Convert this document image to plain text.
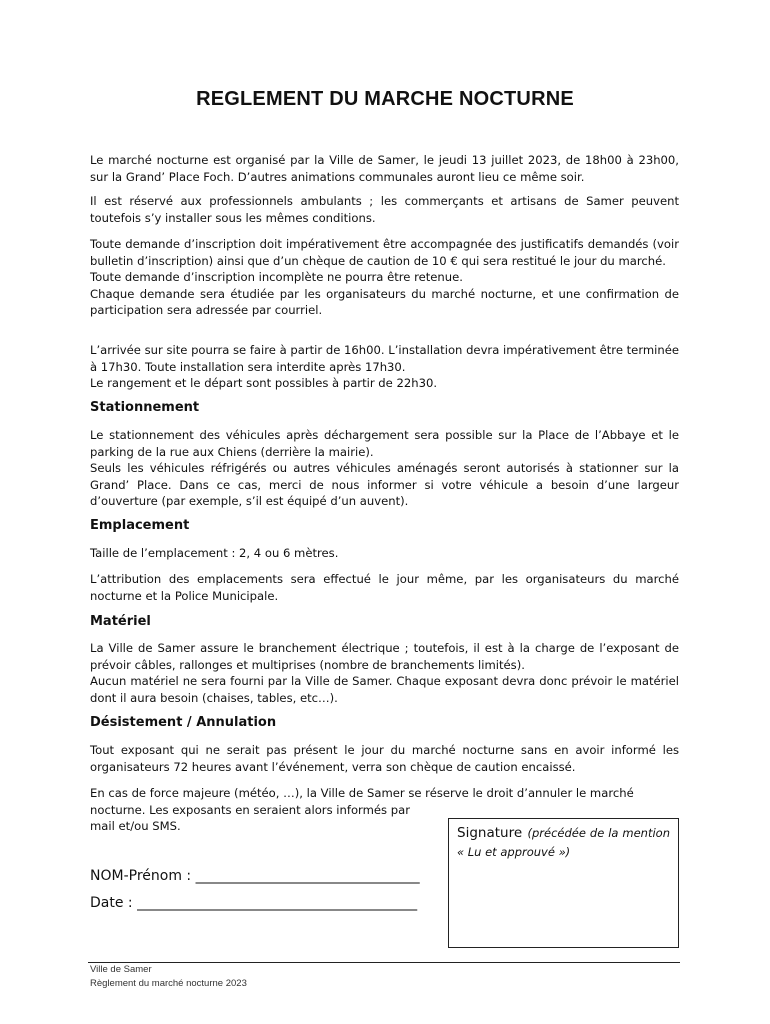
REGLEMENT DU MARCHE NOCTURNE

Le marché nocturne est organisé par la Ville de Samer, le jeudi 13 juillet 2023, de 18h00 à 23h00, sur la Grand’ Place Foch. D’autres animations communales auront lieu ce même soir.

Il est réservé aux professionnels ambulants ; les commerçants et artisans de Samer peuvent toutefois s’y installer sous les mêmes conditions.

Toute demande d’inscription doit impérativement être accompagnée des justificatifs demandés (voir bulletin d’inscription) ainsi que d’un chèque de caution de 10 € qui sera restitué le jour du marché.
Toute demande d’inscription incomplète ne pourra être retenue.
Chaque demande sera étudiée par les organisateurs du marché nocturne, et une confirmation de participation sera adressée par courriel.
L’arrivée sur site pourra se faire à partir de 16h00. L’installation devra impérativement être terminée à 17h30. Toute installation sera interdite après 17h30.
Le rangement et le départ sont possibles à partir de 22h30.
Stationnement
Le stationnement des véhicules après déchargement sera possible sur la Place de l’Abbaye et le parking de la rue aux Chiens (derrière la mairie).
Seuls les véhicules réfrigérés ou autres véhicules aménagés seront autorisés à stationner sur la Grand’ Place. Dans ce cas, merci de nous informer si votre véhicule a besoin d’une largeur d’ouverture (par exemple, s’il est équipé d’un auvent).
Emplacement

Taille de l’emplacement : 2, 4 ou 6 mètres.

L’attribution des emplacements sera effectué le jour même, par les organisateurs du marché nocturne et la Police Municipale.

Matériel
La Ville de Samer assure le branchement électrique ; toutefois, il est à la charge de l’exposant de prévoir câbles, rallonges et multiprises (nombre de branchements limités).
Aucun matériel ne sera fourni par la Ville de Samer. Chaque exposant devra donc prévoir le matériel dont il aura besoin (chaises, tables, etc…).
Désistement / Annulation

Tout exposant qui ne serait pas présent le jour du marché nocturne sans en avoir informé les organisateurs 72 heures avant l’événement, verra son chèque de caution encaissé.

En cas de force majeure (météo, …), la Ville de Samer se réserve le droit d’annuler le marché
nocturne. Les exposants en seraient alors informés par
mail et/ou SMS.
NOM-Prénom : ________________________________
Date : ________________________________________

Signature (précédée de la mention « Lu et approuvé »)

Ville de Samer
Règlement du marché nocturne 2023
